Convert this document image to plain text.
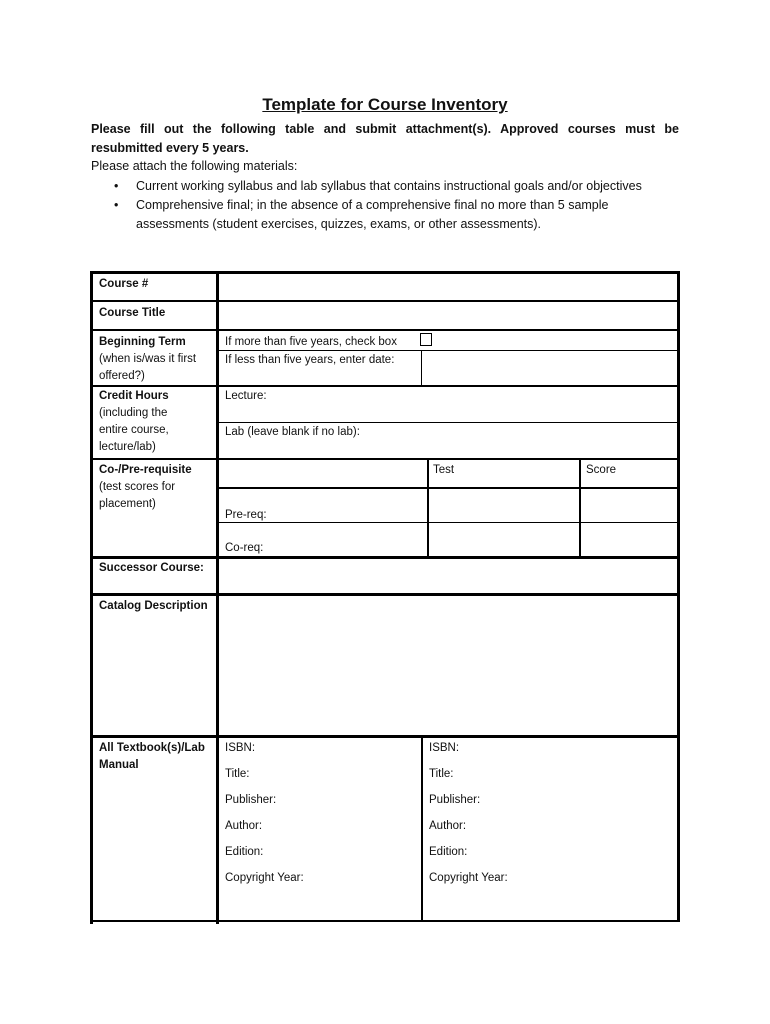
Template for Course Inventory
Please fill out the following table and submit attachment(s). Approved courses must be resubmitted every 5 years.
Please attach the following materials:
• Current working syllabus and lab syllabus that contains instructional goals and/or objectives
• Comprehensive final; in the absence of a comprehensive final no more than 5 sample assessments (student exercises, quizzes, exams, or other assessments).
Course #
Course Title
Beginning Term
(when is/was it first offered?)
Credit Hours
(including the entire course, lecture/lab)
Co-/Pre-requisite
(test scores for placement)
Successor Course:
Catalog Description
All Textbook(s)/Lab Manual
If more than five years, check box
If less than five years, enter date:
Lecture:
Lab (leave blank if no lab):
Test	Score
Pre-req:
Co-req:
ISBN:
Title:
Publisher:
Author:
Edition:
Copyright Year:
ISBN:
Title:
Publisher:
Author:
Edition:
Copyright Year:
